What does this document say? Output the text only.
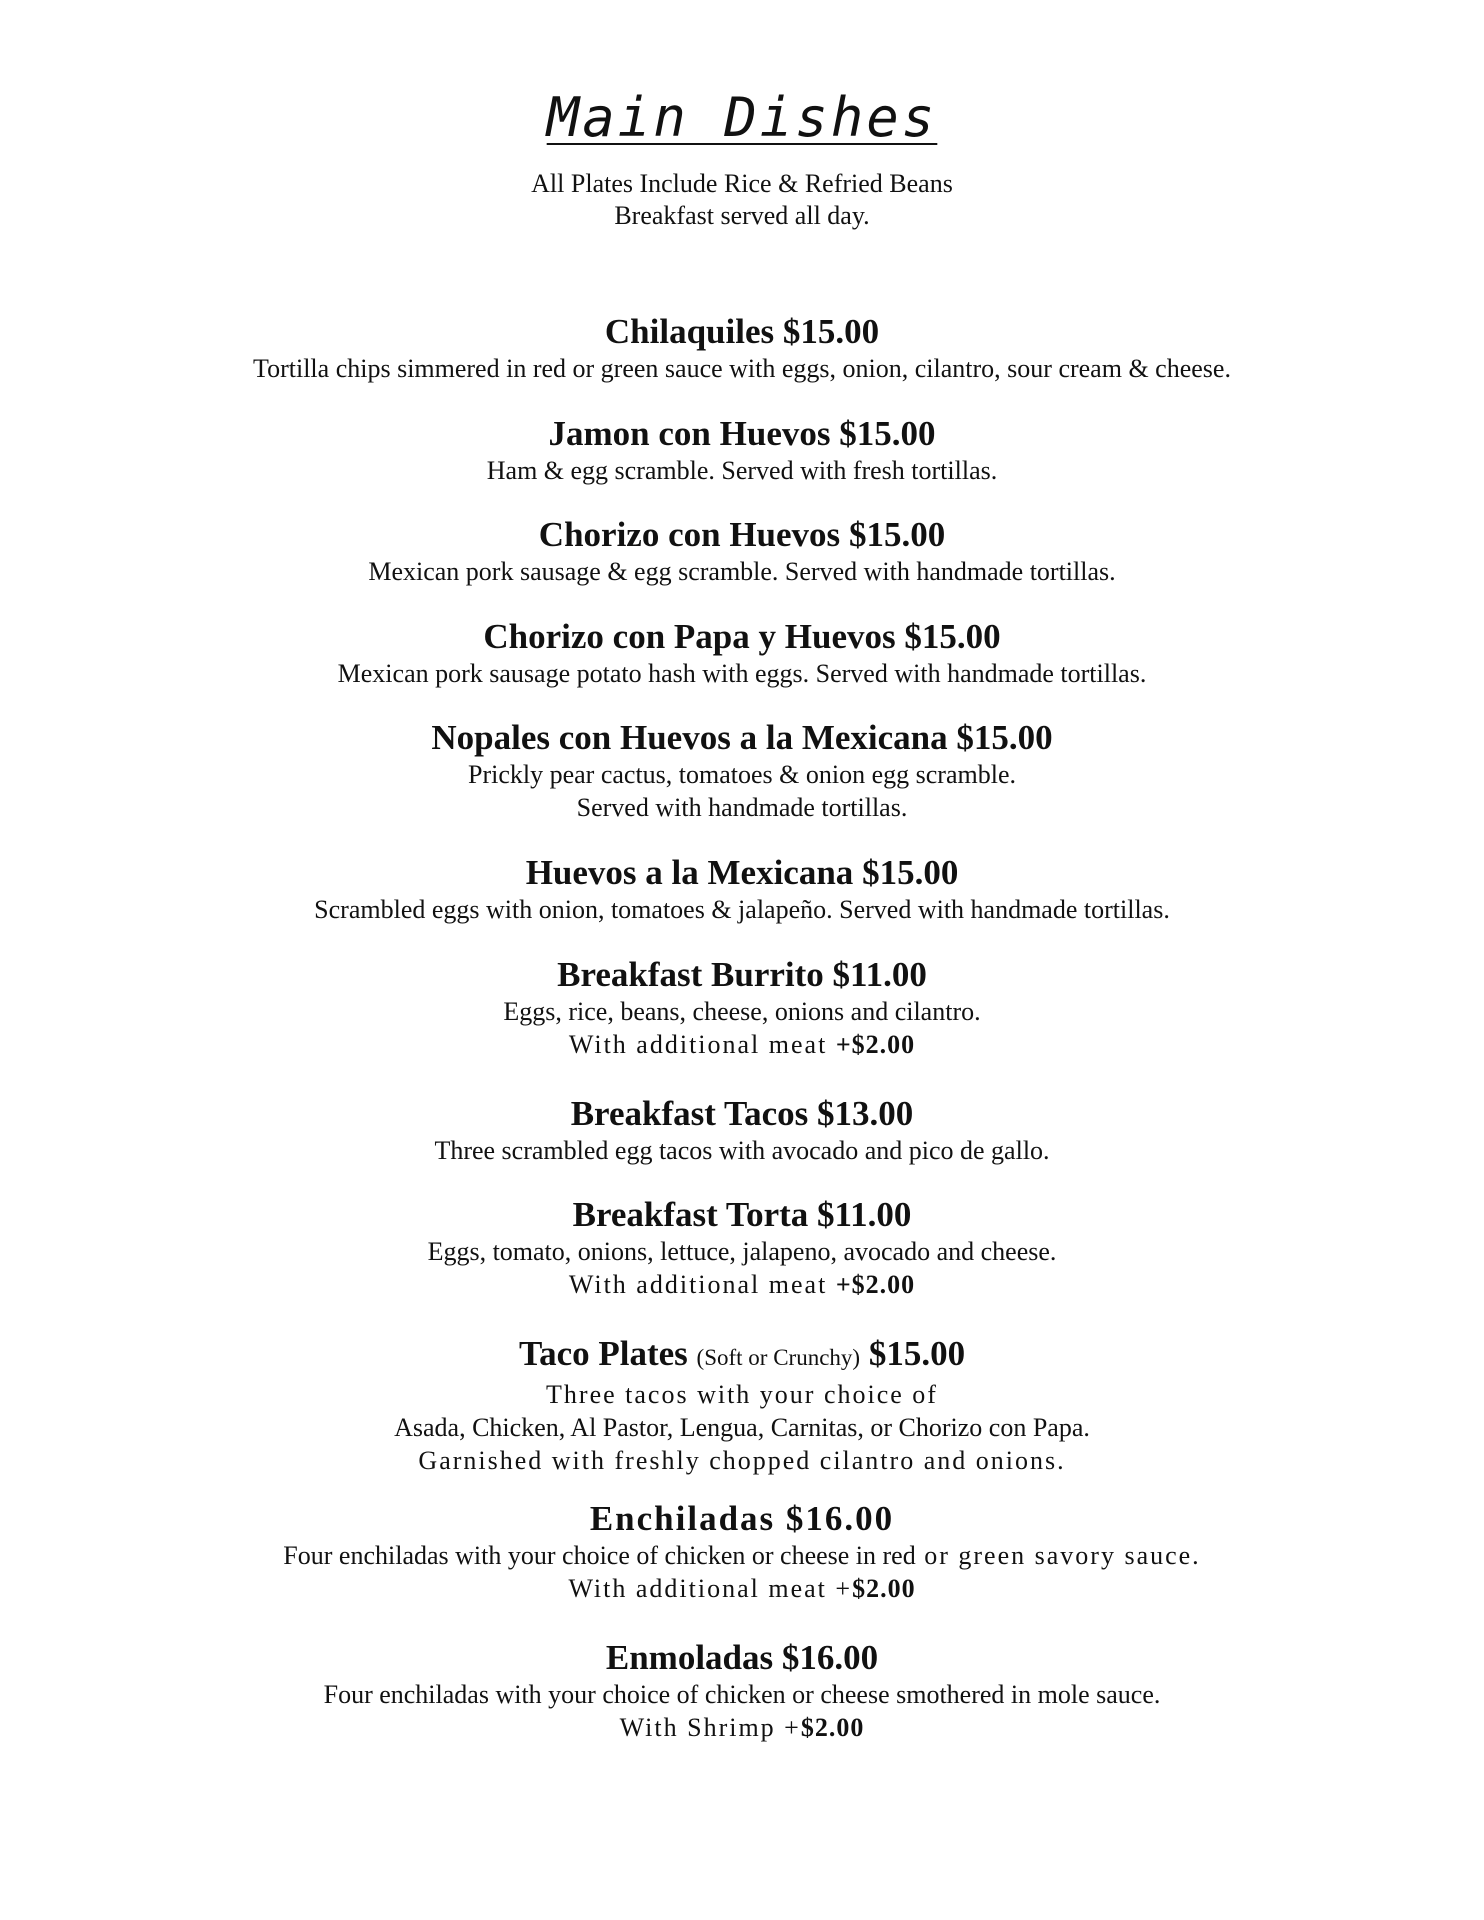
Main Dishes
All Plates Include Rice & Refried Beans
Breakfast served all day.
Chilaquiles $15.00
Tortilla chips simmered in red or green sauce with eggs, onion, cilantro, sour cream & cheese.
Jamon con Huevos $15.00
Ham & egg scramble. Served with fresh tortillas.
Chorizo con Huevos $15.00
Mexican pork sausage & egg scramble. Served with handmade tortillas.
Chorizo con Papa y Huevos $15.00
Mexican pork sausage potato hash with eggs. Served with handmade tortillas.
Nopales con Huevos a la Mexicana $15.00
Prickly pear cactus, tomatoes & onion egg scramble.
Served with handmade tortillas.
Huevos a la Mexicana $15.00
Scrambled eggs with onion, tomatoes & jalapeño. Served with handmade tortillas.
Breakfast Burrito $11.00
Eggs, rice, beans, cheese, onions and cilantro.
With additional meat +$2.00
Breakfast Tacos $13.00
Three scrambled egg tacos with avocado and pico de gallo.
Breakfast Torta $11.00
Eggs, tomato, onions, lettuce, jalapeno, avocado and cheese.
With additional meat +$2.00
Taco Plates (Soft or Crunchy) $15.00
Three tacos with your choice of
Asada, Chicken, Al Pastor, Lengua, Carnitas, or Chorizo con Papa.
Garnished with freshly chopped cilantro and onions.
Enchiladas $16.00
Four enchiladas with your choice of chicken or cheese in red or green savory sauce.
With additional meat +$2.00
Enmoladas $16.00
Four enchiladas with your choice of chicken or cheese smothered in mole sauce.
With Shrimp +$2.00
